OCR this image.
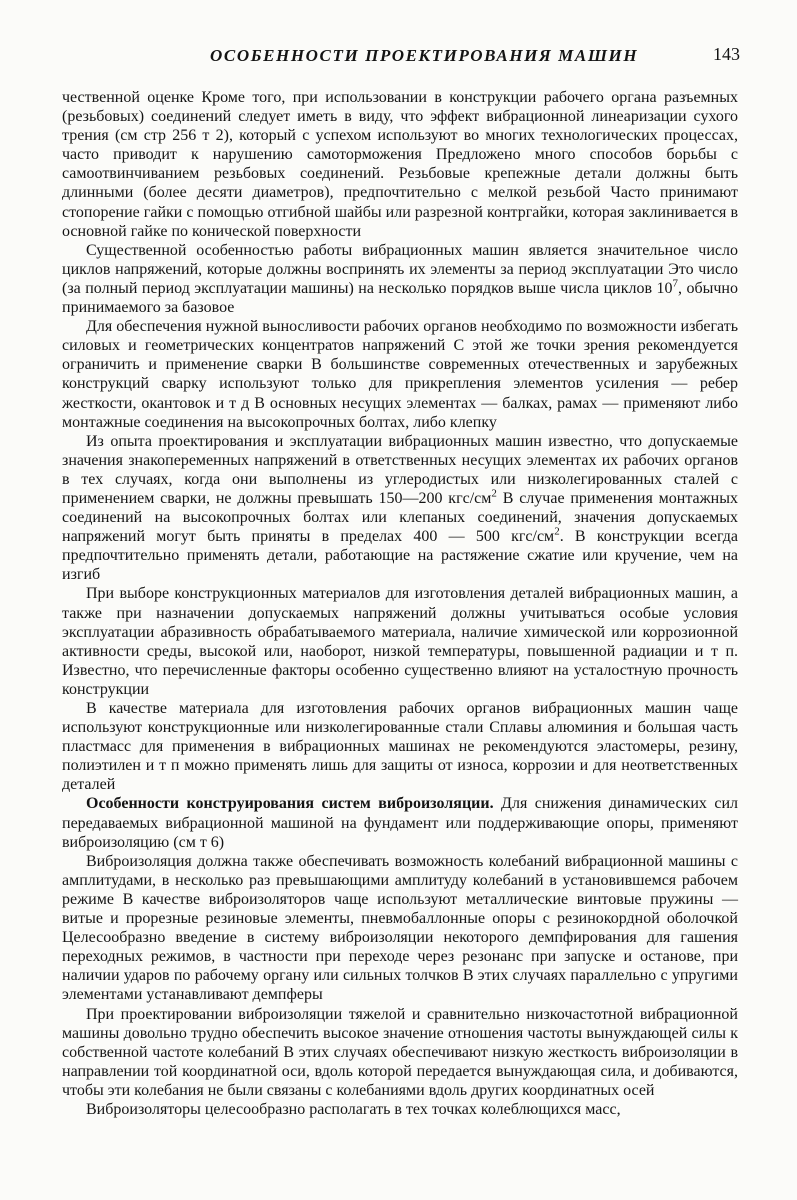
ОСОБЕННОСТИ ПРОЕКТИРОВАНИЯ МАШИН	143

чественной оценке Кроме того, при использовании в конструкции рабочего органа разъемных (резьбовых) соединений следует иметь в виду, что эффект вибрационной линеаризации сухого трения (см стр 256 т 2), который с успехом используют во многих технологических процессах, часто приводит к нарушению самоторможения Предложено много способов борьбы с самоотвинчиванием резьбовых соединений. Резьбовые крепежные детали должны быть длинными (более десяти диаметров), предпочтительно с мелкой резьбой Часто принимают стопорение гайки с помощью отгибной шайбы или разрезной контргайки, которая заклинивается в основной гайке по конической поверхности

Существенной особенностью работы вибрационных машин является значительное число циклов напряжений, которые должны воспринять их элементы за период эксплуатации Это число (за полный период эксплуатации машины) на несколько порядков выше числа циклов $10^7$, обычно принимаемого за базовое

Для обеспечения нужной выносливости рабочих органов необходимо по возможности избегать силовых и геометрических концентратов напряжений С этой же точки зрения рекомендуется ограничить и применение сварки В большинстве современных отечественных и зарубежных конструкций сварку используют только для прикрепления элементов усиления — ребер жесткости, окантовок и т д В основных несущих элементах — балках, рамах — применяют либо монтажные соединения на высокопрочных болтах, либо клепку

Из опыта проектирования и эксплуатации вибрационных машин известно, что допускаемые значения знакопеременных напряжений в ответственных несущих элементах их рабочих органов в тех случаях, когда они выполнены из углеродистых или низколегированных сталей с применением сварки, не должны превышать 150—200 кгс/$см^2$ В случае применения монтажных соединений на высокопрочных болтах или клепаных соединений, значения допускаемых напряжений могут быть приняты в пределах 400 — 500 кгс/$см^2$. В конструкции всегда предпочтительно применять детали, работающие на растяжение сжатие или кручение, чем на изгиб

При выборе конструкционных материалов для изготовления деталей вибрационных машин, а также при назначении допускаемых напряжений должны учитываться особые условия эксплуатации абразивность обрабатываемого материала, наличие химической или коррозионной активности среды, высокой или, наоборот, низкой температуры, повышенной радиации и т п. Известно, что перечисленные факторы особенно существенно влияют на усталостную прочность конструкции

В качестве материала для изготовления рабочих органов вибрационных машин чаще используют конструкционные или низколегированные стали Сплавы алюминия и большая часть пластмасс для применения в вибрационных машинах не рекомендуются эластомеры, резину, полиэтилен и т п можно применять лишь для защиты от износа, коррозии и для неответственных деталей

Особенности конструирования систем виброизоляции. Для снижения динамических сил передаваемых вибрационной машиной на фундамент или поддерживающие опоры, применяют виброизоляцию (см т 6)

Виброизоляция должна также обеспечивать возможность колебаний вибрационной машины с амплитудами, в несколько раз превышающими амплитуду колебаний в установившемся рабочем режиме В качестве виброизоляторов чаще используют металлические винтовые пружины — витые и прорезные резиновые элементы, пневмобаллонные опоры с резинокордной оболочкой Целесообразно введение в систему виброизоляции некоторого демпфирования для гашения переходных режимов, в частности при переходе через резонанс при запуске и останове, при наличии ударов по рабочему органу или сильных толчков В этих случаях параллельно с упругими элементами устанавливают демпферы

При проектировании виброизоляции тяжелой и сравнительно низкочастотной вибрационной машины довольно трудно обеспечить высокое значение отношения частоты вынуждающей силы к собственной частоте колебаний В этих случаях обеспечивают низкую жесткость виброизоляции в направлении той координатной оси, вдоль которой передается вынуждающая сила, и добиваются, чтобы эти колебания не были связаны с колебаниями вдоль других координатных осей

Виброизоляторы целесообразно располагать в тех точках колеблющихся масс,
